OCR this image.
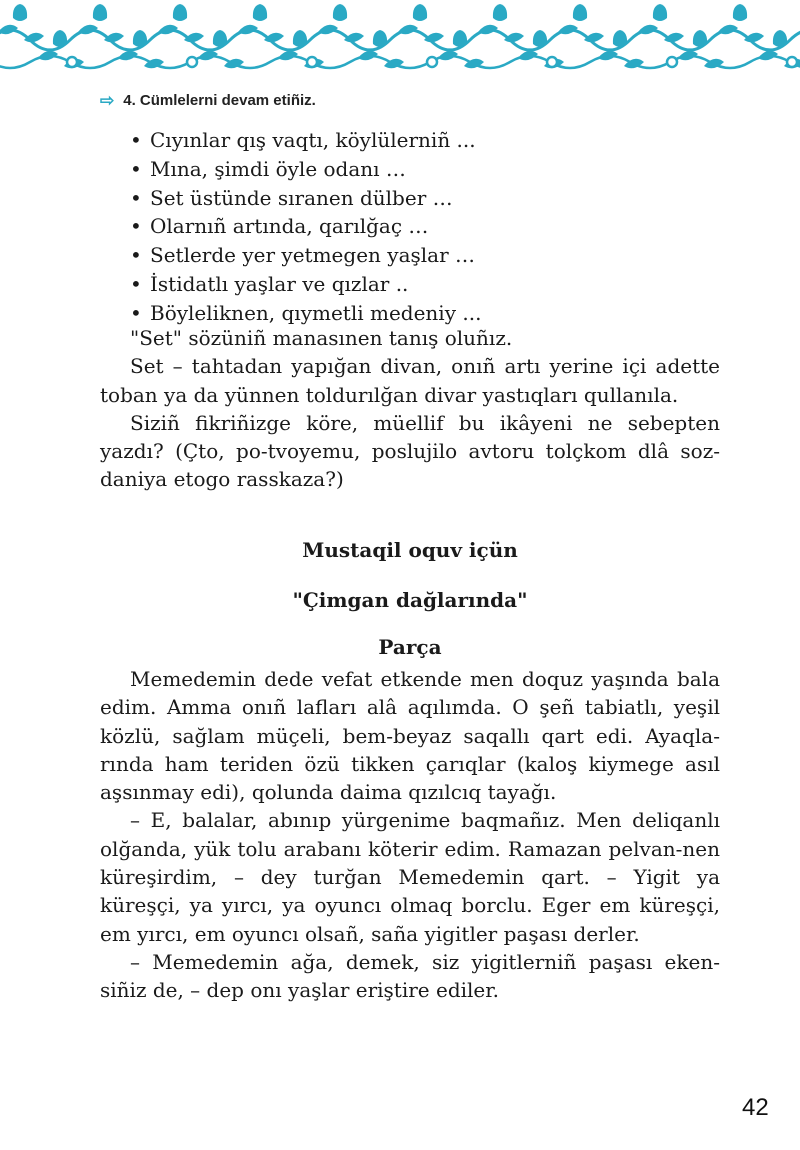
⇨ 4. Cümlelerni devam etiñiz.
• Cıyınlar qış vaqtı, köylülerniñ ...
• Mına, şimdi öyle odanı …
• Set üstünde sıranen dülber …
• Olarnıñ artında, qarılğaç …
• Setlerde yer yetmegen yaşlar …
• İstidatlı yaşlar ve qızlar ..
• Böyleliknen, qıymetli medeniy ...

"Set" sözüniñ manasınen tanış oluñız.

Set – tahtadan yapığan divan, onıñ artı yerine içi adette toban ya da yünnen toldurılğan divar yastıqları qullanıla.

Siziñ fikriñizge köre, müellif bu ikâyeni ne sebepten yazdı? (Çto, po-tvoyemu, poslujilo avtoru tolçkom dlâ soz-daniya etogo rasskaza?)

Mustaqil oquv içün
"Çimgan dağlarında"
Parça

Memedemin dede vefat etkende men doquz yaşında bala edim. Amma onıñ lafları alâ aqılımda. O şeñ tabiatlı, yeşil közlü, sağlam müçeli, bem-beyaz saqallı qart edi. Ayaqla-rında ham teriden özü tikken çarıqlar (kaloş kiymege asıl aşsınmay edi), qolunda daima qızılcıq tayağı.

– E, balalar, abınıp yürgenime baqmañız. Men deliqanlı olğanda, yük tolu arabanı köterir edim. Ramazan pelvan-nen küreşirdim, – dey turğan Memedemin qart. – Yigit ya küreşçi, ya yırcı, ya oyuncı olmaq borclu. Eger em küreşçi, em yırcı, em oyuncı olsañ, saña yigitler paşası derler.

– Memedemin ağa, demek, siz yigitlerniñ paşası eken-siñiz de, – dep onı yaşlar eriştire ediler.

42
